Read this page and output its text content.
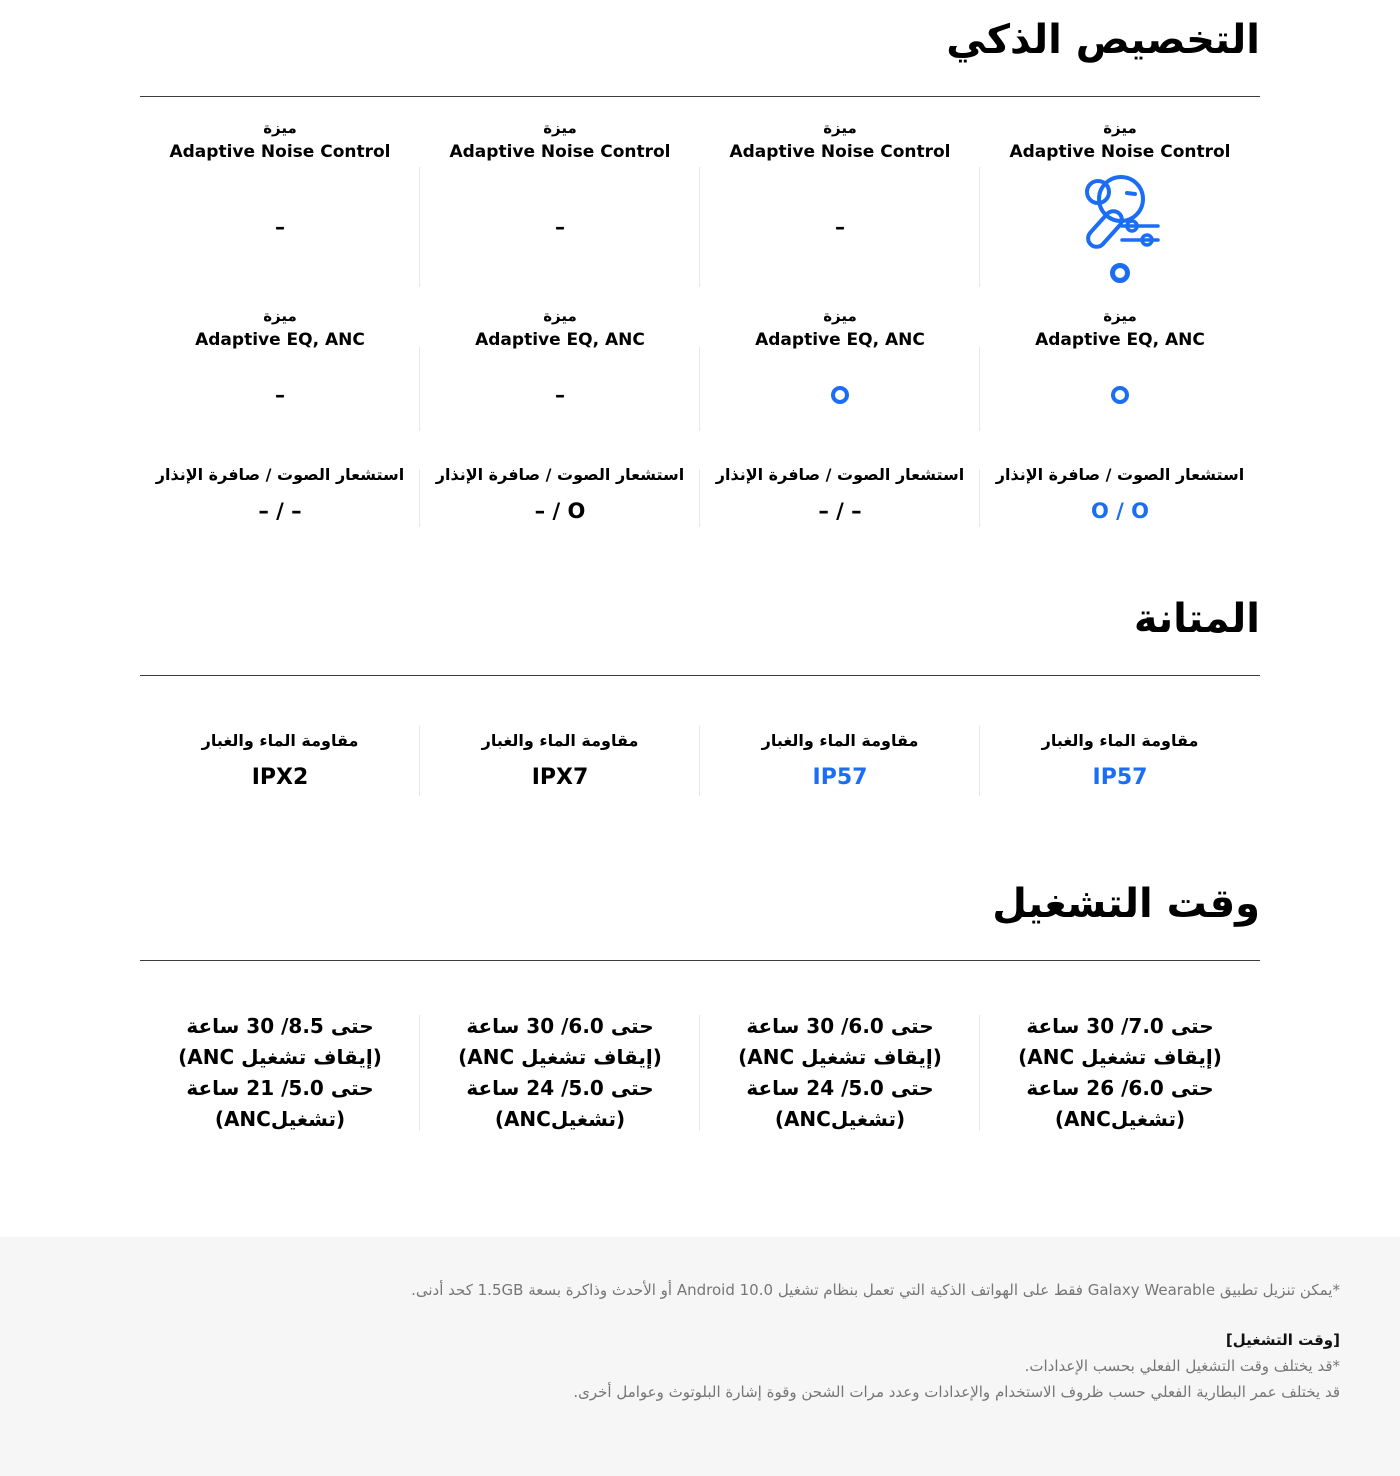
التخصيص الذكي
ميزة
Adaptive Noise Control
ميزة
Adaptive Noise Control
ميزة
Adaptive Noise Control
ميزة
Adaptive Noise Control
–
–
–
ميزة
Adaptive EQ, ANC
ميزة
Adaptive EQ, ANC
ميزة
Adaptive EQ, ANC
–
ميزة
Adaptive EQ, ANC
–
استشعار الصوت / صافرة الإنذار
O / O
استشعار الصوت / صافرة الإنذار
– / –
استشعار الصوت / صافرة الإنذار
– / O
استشعار الصوت / صافرة الإنذار
– / –
المتانة
مقاومة الماء والغبار
IP57
مقاومة الماء والغبار
IP57
مقاومة الماء والغبار
IPX7
مقاومة الماء والغبار
IPX2
وقت التشغيل
حتى 7.0/ 30 ساعة
(إيقاف تشغيل ANC)
حتى 6.0/ 26 ساعة
(تشغيلANC)
حتى 6.0/ 30 ساعة
(إيقاف تشغيل ANC)
حتى 5.0/ 24 ساعة
(تشغيلANC)
حتى 6.0/ 30 ساعة
(إيقاف تشغيل ANC)
حتى 5.0/ 24 ساعة
(تشغيلANC)
حتى 8.5/ 30 ساعة
(إيقاف تشغيل ANC)
حتى 5.0/ 21 ساعة
(تشغيلANC)

*يمكن تنزيل تطبيق Galaxy Wearable فقط على الهواتف الذكية التي تعمل بنظام تشغيل Android 10.0 أو الأحدث وذاكرة بسعة 1.5GB كحد أدنى.

[وقت التشغيل]

*قد يختلف وقت التشغيل الفعلي بحسب الإعدادات.

قد يختلف عمر البطارية الفعلي حسب ظروف الاستخدام والإعدادات وعدد مرات الشحن وقوة إشارة البلوتوث وعوامل أخرى.
